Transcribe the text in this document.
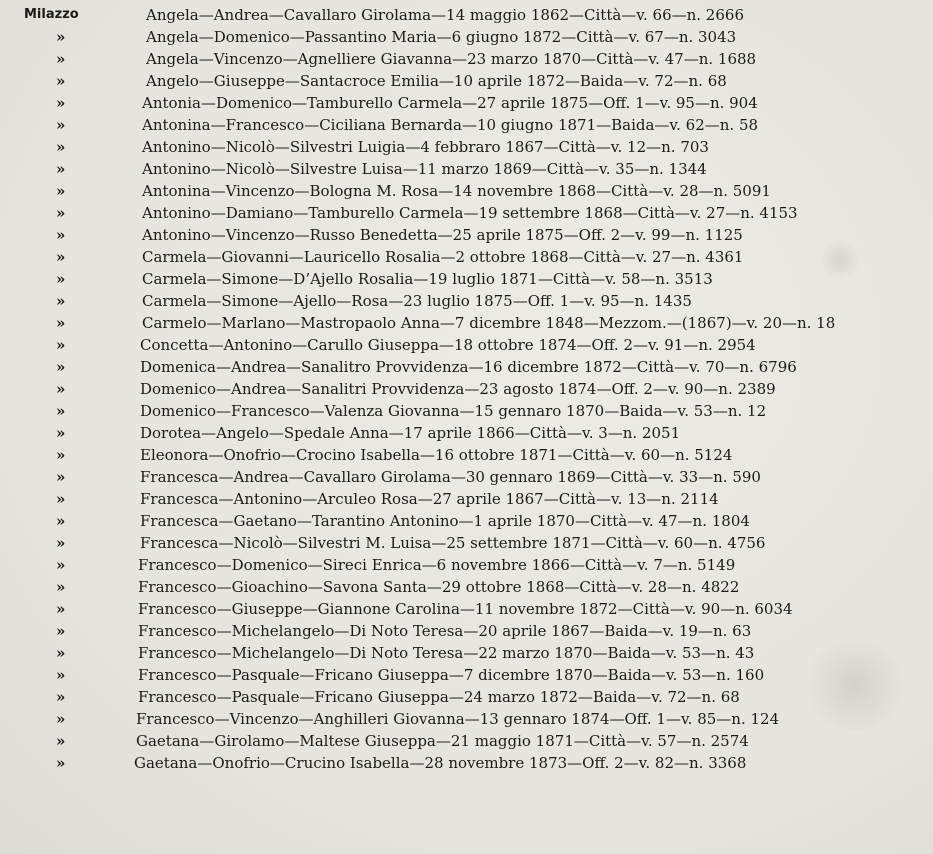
Milazzo	Angela—Andrea—Cavallaro Girolama—14 maggio 1862—Città—v. 66—n. 2666
»	Angela—Domenico—Passantino Maria—6 giugno 1872—Città—v. 67—n. 3043
»	Angela—Vincenzo—Agnelliere Giavanna—23 marzo 1870—Città—v. 47—n. 1688
»	Angelo—Giuseppe—Santacroce Emilia—10 aprile 1872—Baida—v. 72—n. 68
»	Antonia—Domenico—Tamburello Carmela—27 aprile 1875—Off. 1—v. 95—n. 904
»	Antonina—Francesco—Ciciliana Bernarda—10 giugno 1871—Baida—v. 62—n. 58
»	Antonino—Nicolò—Silvestri Luigia—4 febbraro 1867—Città—v. 12—n. 703
»	Antonino—Nicolò—Silvestre Luisa—11 marzo 1869—Città—v. 35—n. 1344
»	Antonina—Vincenzo—Bologna M. Rosa—14 novembre 1868—Città—v. 28—n. 5091
»	Antonino—Damiano—Tamburello Carmela—19 settembre 1868—Città—v. 27—n. 4153
»	Antonino—Vincenzo—Russo Benedetta—25 aprile 1875—Off. 2—v. 99—n. 1125
»	Carmela—Giovanni—Lauricello Rosalia—2 ottobre 1868—Città—v. 27—n. 4361
»	Carmela—Simone—D’Ajello Rosalia—19 luglio 1871—Città—v. 58—n. 3513
»	Carmela—Simone—Ajello—Rosa—23 luglio 1875—Off. 1—v. 95—n. 1435
»	Carmelo—Marlano—Mastropaolo Anna—7 dicembre 1848—Mezzom.—(1867)—v. 20—n. 18
»	Concetta—Antonino—Carullo Giuseppa—18 ottobre 1874—Off. 2—v. 91—n. 2954
»	Domenica—Andrea—Sanalitro Provvidenza—16 dicembre 1872—Città—v. 70—n. 6796
»	Domenico—Andrea—Sanalitri Provvidenza—23 agosto 1874—Off. 2—v. 90—n. 2389
»	Domenico—Francesco—Valenza Giovanna—15 gennaro 1870—Baida—v. 53—n. 12
»	Dorotea—Angelo—Spedale Anna—17 aprile 1866—Città—v. 3—n. 2051
»	Eleonora—Onofrio—Crocino Isabella—16 ottobre 1871—Città—v. 60—n. 5124
»	Francesca—Andrea—Cavallaro Girolama—30 gennaro 1869—Città—v. 33—n. 590
»	Francesca—Antonino—Arculeo Rosa—27 aprile 1867—Città—v. 13—n. 2114
»	Francesca—Gaetano—Tarantino Antonino—1 aprile 1870—Città—v. 47—n. 1804
»	Francesca—Nicolò—Silvestri M. Luisa—25 settembre 1871—Città—v. 60—n. 4756
»	Francesco—Domenico—Sireci Enrica—6 novembre 1866—Città—v. 7—n. 5149
»	Francesco—Gioachino—Savona Santa—29 ottobre 1868—Città—v. 28—n. 4822
»	Francesco—Giuseppe—Giannone Carolina—11 novembre 1872—Città—v. 90—n. 6034
»	Francesco—Michelangelo—Di Noto Teresa—20 aprile 1867—Baida—v. 19—n. 63
»	Francesco—Michelangelo—Di Noto Teresa—22 marzo 1870—Baida—v. 53—n. 43
»	Francesco—Pasquale—Fricano Giuseppa—7 dicembre 1870—Baida—v. 53—n. 160
»	Francesco—Pasquale—Fricano Giuseppa—24 marzo 1872—Baida—v. 72—n. 68
»	Francesco—Vincenzo—Anghilleri Giovanna—13 gennaro 1874—Off. 1—v. 85—n. 124
»	Gaetana—Girolamo—Maltese Giuseppa—21 maggio 1871—Città—v. 57—n. 2574
»	Gaetana—Onofrio—Crucino Isabella—28 novembre 1873—Off. 2—v. 82—n. 3368
